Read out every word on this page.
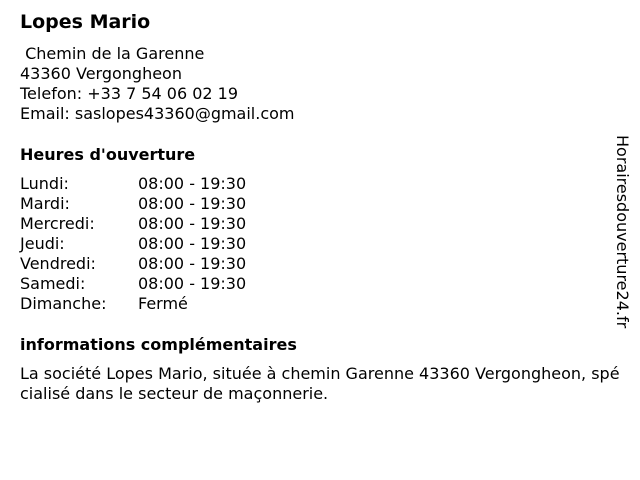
Lopes Mario
Chemin de la Garenne
43360 Vergongheon
Telefon: +33 7 54 06 02 19
Email: saslopes43360@gmail.com
Heures d'ouverture
Lundi:	08:00 - 19:30
Mardi:	08:00 - 19:30
Mercredi:	08:00 - 19:30
Jeudi:	08:00 - 19:30
Vendredi:	08:00 - 19:30
Samedi:	08:00 - 19:30
Dimanche:	Fermé
informations complémentaires

La société Lopes Mario, située à chemin Garenne 43360 Vergongheon, spécialisé dans le secteur de maçonnerie.

Horairesdouverture24.fr
